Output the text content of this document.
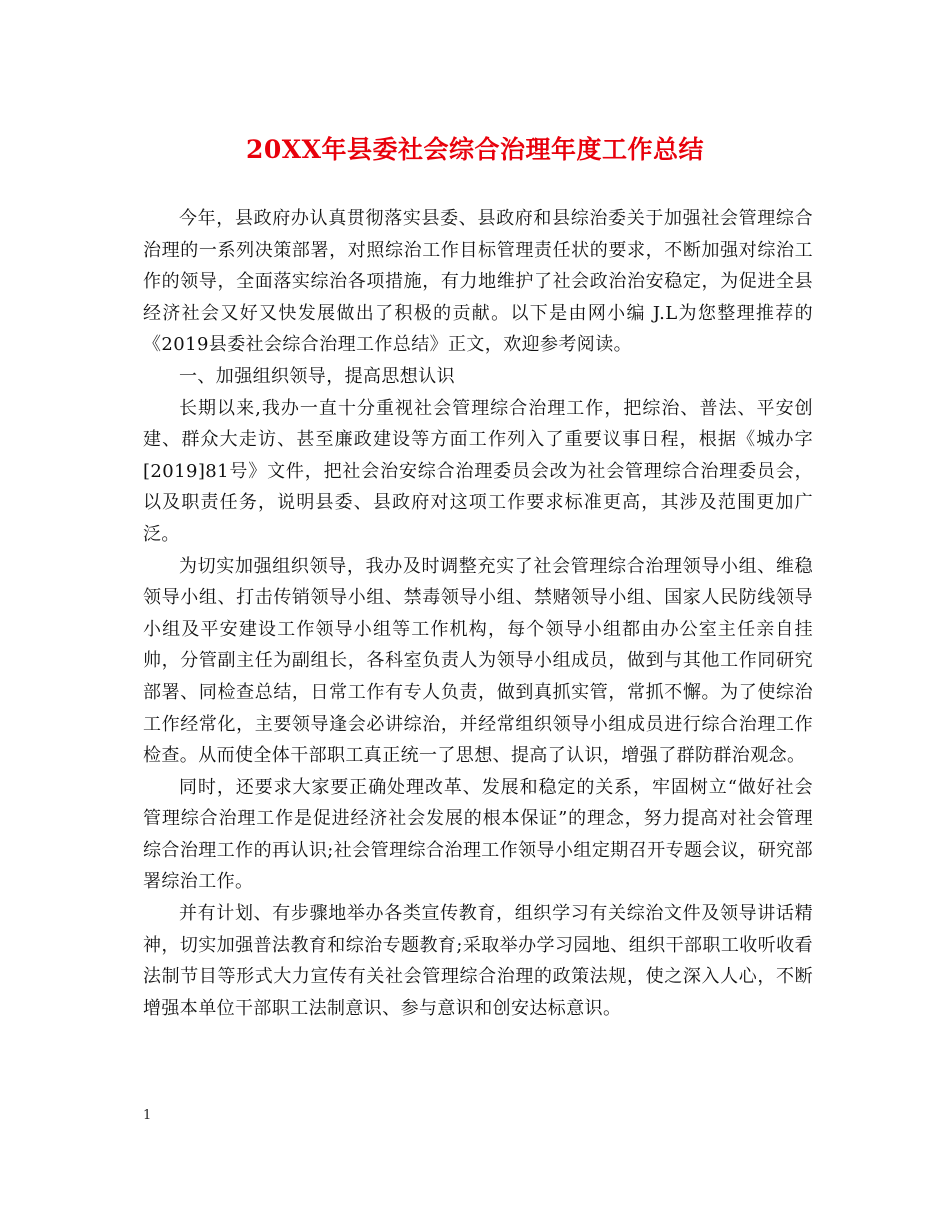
20XX年县委社会综合治理年度工作总结

今年，县政府办认真贯彻落实县委、县政府和县综治委关于加强社会管理综合治理的一系列决策部署，对照综治工作目标管理责任状的要求，不断加强对综治工作的领导，全面落实综治各项措施，有力地维护了社会政治治安稳定，为促进全县经济社会又好又快发展做出了积极的贡献。以下是由网小编 J.L为您整理推荐的《2019县委社会综合治理工作总结》正文，欢迎参考阅读。

一、加强组织领导，提高思想认识

长期以来,我办一直十分重视社会管理综合治理工作，把综治、普法、平安创建、群众大走访、甚至廉政建设等方面工作列入了重要议事日程，根据《城办字[2019]81号》文件，把社会治安综合治理委员会改为社会管理综合治理委员会，以及职责任务，说明县委、县政府对这项工作要求标准更高，其涉及范围更加广泛。

为切实加强组织领导，我办及时调整充实了社会管理综合治理领导小组、维稳领导小组、打击传销领导小组、禁毒领导小组、禁赌领导小组、国家人民防线领导小组及平安建设工作领导小组等工作机构，每个领导小组都由办公室主任亲自挂帅，分管副主任为副组长，各科室负责人为领导小组成员，做到与其他工作同研究部署、同检查总结，日常工作有专人负责，做到真抓实管，常抓不懈。为了使综治工作经常化，主要领导逢会必讲综治，并经常组织领导小组成员进行综合治理工作检查。从而使全体干部职工真正统一了思想、提高了认识，增强了群防群治观念。

同时，还要求大家要正确处理改革、发展和稳定的关系，牢固树立“做好社会管理综合治理工作是促进经济社会发展的根本保证”的理念，努力提高对社会管理综合治理工作的再认识;社会管理综合治理工作领导小组定期召开专题会议，研究部署综治工作。

并有计划、有步骤地举办各类宣传教育，组织学习有关综治文件及领导讲话精神，切实加强普法教育和综治专题教育;采取举办学习园地、组织干部职工收听收看法制节目等形式大力宣传有关社会管理综合治理的政策法规，使之深入人心，不断增强本单位干部职工法制意识、参与意识和创安达标意识。

1
